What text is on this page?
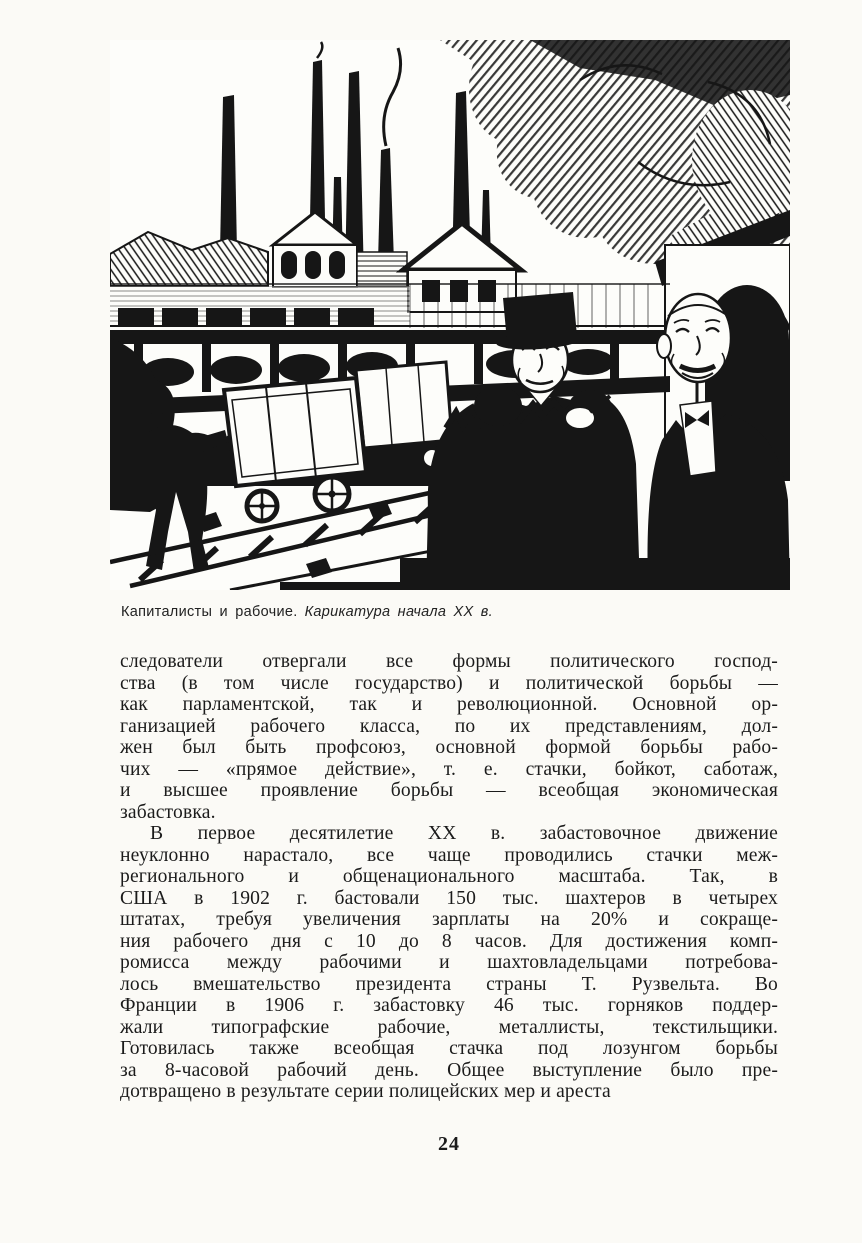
Капиталисты и рабочие. Карикатура начала XX в.
следователи отвергали все формы политического господ-
ства (в том числе государство) и политической борьбы —
как парламентской, так и революционной. Основной ор-
ганизацией рабочего класса, по их представлениям, дол-
жен был быть профсоюз, основной формой борьбы рабо-
чих — «прямое действие», т. е. стачки, бойкот, саботаж,
и высшее проявление борьбы — всеобщая экономическая
забастовка.
В первое десятилетие XX в. забастовочное движение
неуклонно нарастало, все чаще проводились стачки меж-
регионального и общенационального масштаба. Так, в
США в 1902 г. бастовали 150 тыс. шахтеров в четырех
штатах, требуя увеличения зарплаты на 20% и сокраще-
ния рабочего дня с 10 до 8 часов. Для достижения комп-
ромисса между рабочими и шахтовладельцами потребова-
лось вмешательство президента страны Т. Рузвельта. Во
Франции в 1906 г. забастовку 46 тыс. горняков поддер-
жали типографские рабочие, металлисты, текстильщики.
Готовилась также всеобщая стачка под лозунгом борьбы
за 8-часовой рабочий день. Общее выступление было пре-
дотвращено в результате серии полицейских мер и ареста
24
